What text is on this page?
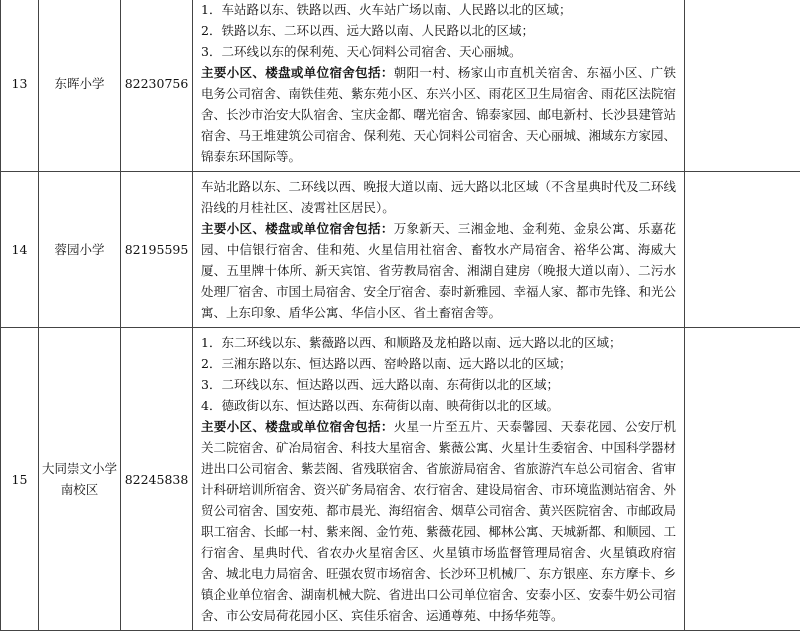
13	东晖小学	82230756	1．车站路以东、铁路以西、火车站广场以南、人民路以北的区域；
2．铁路以东、二环以西、远大路以南、人民路以北的区域；
3．二环线以东的保利苑、天心饲料公司宿舍、天心丽城。
主要小区、楼盘或单位宿舍包括：朝阳一村、杨家山市直机关宿舍、东福小区、广铁电务公司宿舍、南铁佳苑、紫东苑小区、东兴小区、雨花区卫生局宿舍、雨花区法院宿舍、长沙市治安大队宿舍、宝庆金都、曙光宿舍、锦泰家园、邮电新村、长沙县建管站宿舍、马王堆建筑公司宿舍、保利苑、天心饲料公司宿舍、天心丽城、湘域东方家园、锦泰东环国际等。	

14	蓉园小学	82195595	车站北路以东、二环线以西、晚报大道以南、远大路以北区域（不含星典时代及二环线沿线的月桂社区、凌霄社区居民）。
主要小区、楼盘或单位宿舍包括：万象新天、三湘金地、金利苑、金泉公寓、乐嘉花园、中信银行宿舍、佳和苑、火星信用社宿舍、畜牧水产局宿舍、裕华公寓、海威大厦、五里牌十体所、新天宾馆、省劳教局宿舍、湘湖自建房（晚报大道以南）、二污水处理厂宿舍、市国土局宿舍、安全厅宿舍、泰时新雅园、幸福人家、都市先锋、和光公寓、上东印象、盾华公寓、华信小区、省土畜宿舍等。	

15	大同崇文小学南校区	82245838	1．东二环线以东、紫薇路以西、和顺路及龙柏路以南、远大路以北的区域；
2．三湘东路以东、恒达路以西、窑岭路以南、远大路以北的区域；
3．二环线以东、恒达路以西、远大路以南、东荷街以北的区域；
4．德政街以东、恒达路以西、东荷街以南、映荷街以北的区域。
主要小区、楼盘或单位宿舍包括：火星一片至五片、天泰馨园、天泰花园、公安厅机关二院宿舍、矿冶局宿舍、科技大星宿舍、紫薇公寓、火星计生委宿舍、中国科学器材进出口公司宿舍、紫芸阁、省残联宿舍、省旅游局宿舍、省旅游汽车总公司宿舍、省审计科研培训所宿舍、资兴矿务局宿舍、农行宿舍、建设局宿舍、市环境监测站宿舍、外贸公司宿舍、国安苑、都市晨光、海绍宿舍、烟草公司宿舍、黄兴医院宿舍、市邮政局职工宿舍、长邮一村、紫来阁、金竹苑、紫薇花园、椰林公寓、天城新都、和顺园、工行宿舍、星典时代、省农办火星宿舍区、火星镇市场监督管理局宿舍、火星镇政府宿舍、城北电力局宿舍、旺强农贸市场宿舍、长沙环卫机械厂、东方银座、东方摩卡、乡镇企业单位宿舍、湖南机械大院、省进出口公司单位宿舍、安泰小区、安泰牛奶公司宿舍、市公安局荷花园小区、宾佳乐宿舍、运通尊苑、中扬华苑等。	
